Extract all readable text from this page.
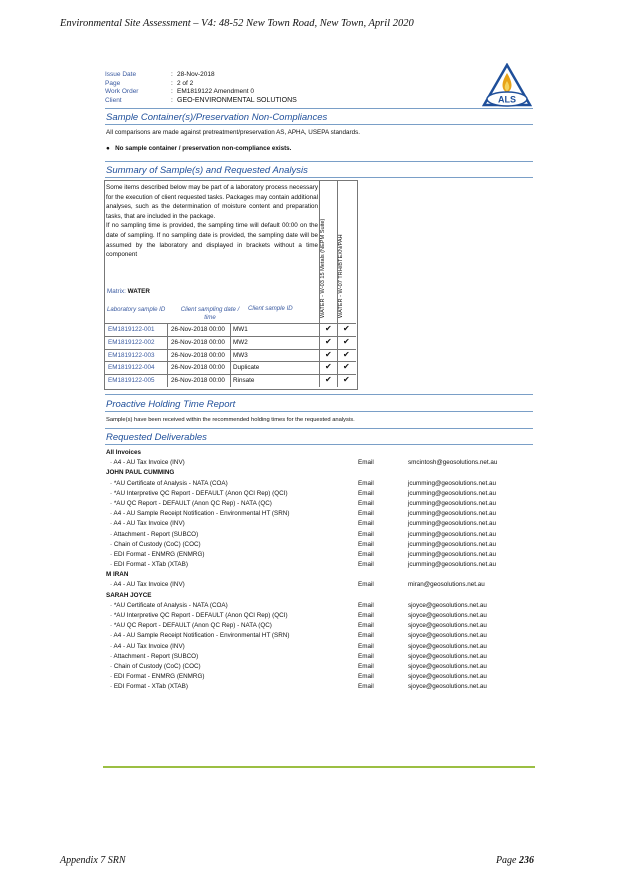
Environmental Site Assessment – V4: 48-52 New Town Road, New Town, April 2020
Issue Date	: 28-Nov-2018
Page	: 2 of 2
Work Order	: EM1819122 Amendment 0
Client	: GEO-ENVIRONMENTAL SOLUTIONS	ALS
Sample Container(s)/Preservation Non-Compliances
All comparisons are made against pretreatment/preservation AS, APHA, USEPA standards.
● No sample container / preservation non-compliance exists.
Summary of Sample(s) and Requested Analysis
Some items described below may be part of a laboratory process necessary for the execution of client requested tasks. Packages may contain additional analyses, such as the determination of moisture content and preparation tasks, that are included in the package.
If no sampling time is provided, the sampling time will default 00:00 on the date of sampling. If no sampling date is provided, the sampling date will be assumed by the laboratory and displayed in brackets without a time component	WATER - W-03 15 Metals (NEPM Suite) WATER - W-07 TRH/BTEXN/PAH
Matrix: WATER
Laboratory sample ID	Client sampling date / time
Client sample ID
EM1819122-001	26-Nov-2018 00:00 MW1	✔ ✔
EM1819122-002	26-Nov-2018 00:00 MW2	✔ ✔
EM1819122-003	26-Nov-2018 00:00 MW3	✔ ✔
EM1819122-004	26-Nov-2018 00:00 Duplicate	✔ ✔
EM1819122-005	26-Nov-2018 00:00 Rinsate	✔ ✔
Proactive Holding Time Report
Sample(s) have been received within the recommended holding times for the requested analysis.
Requested Deliverables
All Invoices
- A4 - AU Tax Invoice (INV)	Email	smcintosh@geosolutions.net.au
JOHN PAUL CUMMING
- *AU Certificate of Analysis - NATA (COA)	Email	jcumming@geosolutions.net.au
- *AU Interpretive QC Report - DEFAULT (Anon QCI Rep) (QCI)	Email	jcumming@geosolutions.net.au
- *AU QC Report - DEFAULT (Anon QC Rep) - NATA (QC)	Email	jcumming@geosolutions.net.au
- A4 - AU Sample Receipt Notification - Environmental HT (SRN)	Email	jcumming@geosolutions.net.au
- A4 - AU Tax Invoice (INV)	Email	jcumming@geosolutions.net.au
- Attachment - Report (SUBCO)	Email	jcumming@geosolutions.net.au
- Chain of Custody (CoC) (COC)	Email	jcumming@geosolutions.net.au
- EDI Format - ENMRG (ENMRG)	Email	jcumming@geosolutions.net.au
- EDI Format - XTab (XTAB)	Email	jcumming@geosolutions.net.au
M IRAN
- A4 - AU Tax Invoice (INV)	Email	miran@geosolutions.net.au
SARAH JOYCE
- *AU Certificate of Analysis - NATA (COA)	Email	sjoyce@geosolutions.net.au
- *AU Interpretive QC Report - DEFAULT (Anon QCI Rep) (QCI)	Email	sjoyce@geosolutions.net.au
- *AU QC Report - DEFAULT (Anon QC Rep) - NATA (QC)	Email	sjoyce@geosolutions.net.au
- A4 - AU Sample Receipt Notification - Environmental HT (SRN)	Email	sjoyce@geosolutions.net.au
- A4 - AU Tax Invoice (INV)	Email	sjoyce@geosolutions.net.au
- Attachment - Report (SUBCO)	Email	sjoyce@geosolutions.net.au
- Chain of Custody (CoC) (COC)	Email	sjoyce@geosolutions.net.au
- EDI Format - ENMRG (ENMRG)	Email	sjoyce@geosolutions.net.au
- EDI Format - XTab (XTAB)	Email	sjoyce@geosolutions.net.au
Appendix 7 SRN	Page 236
